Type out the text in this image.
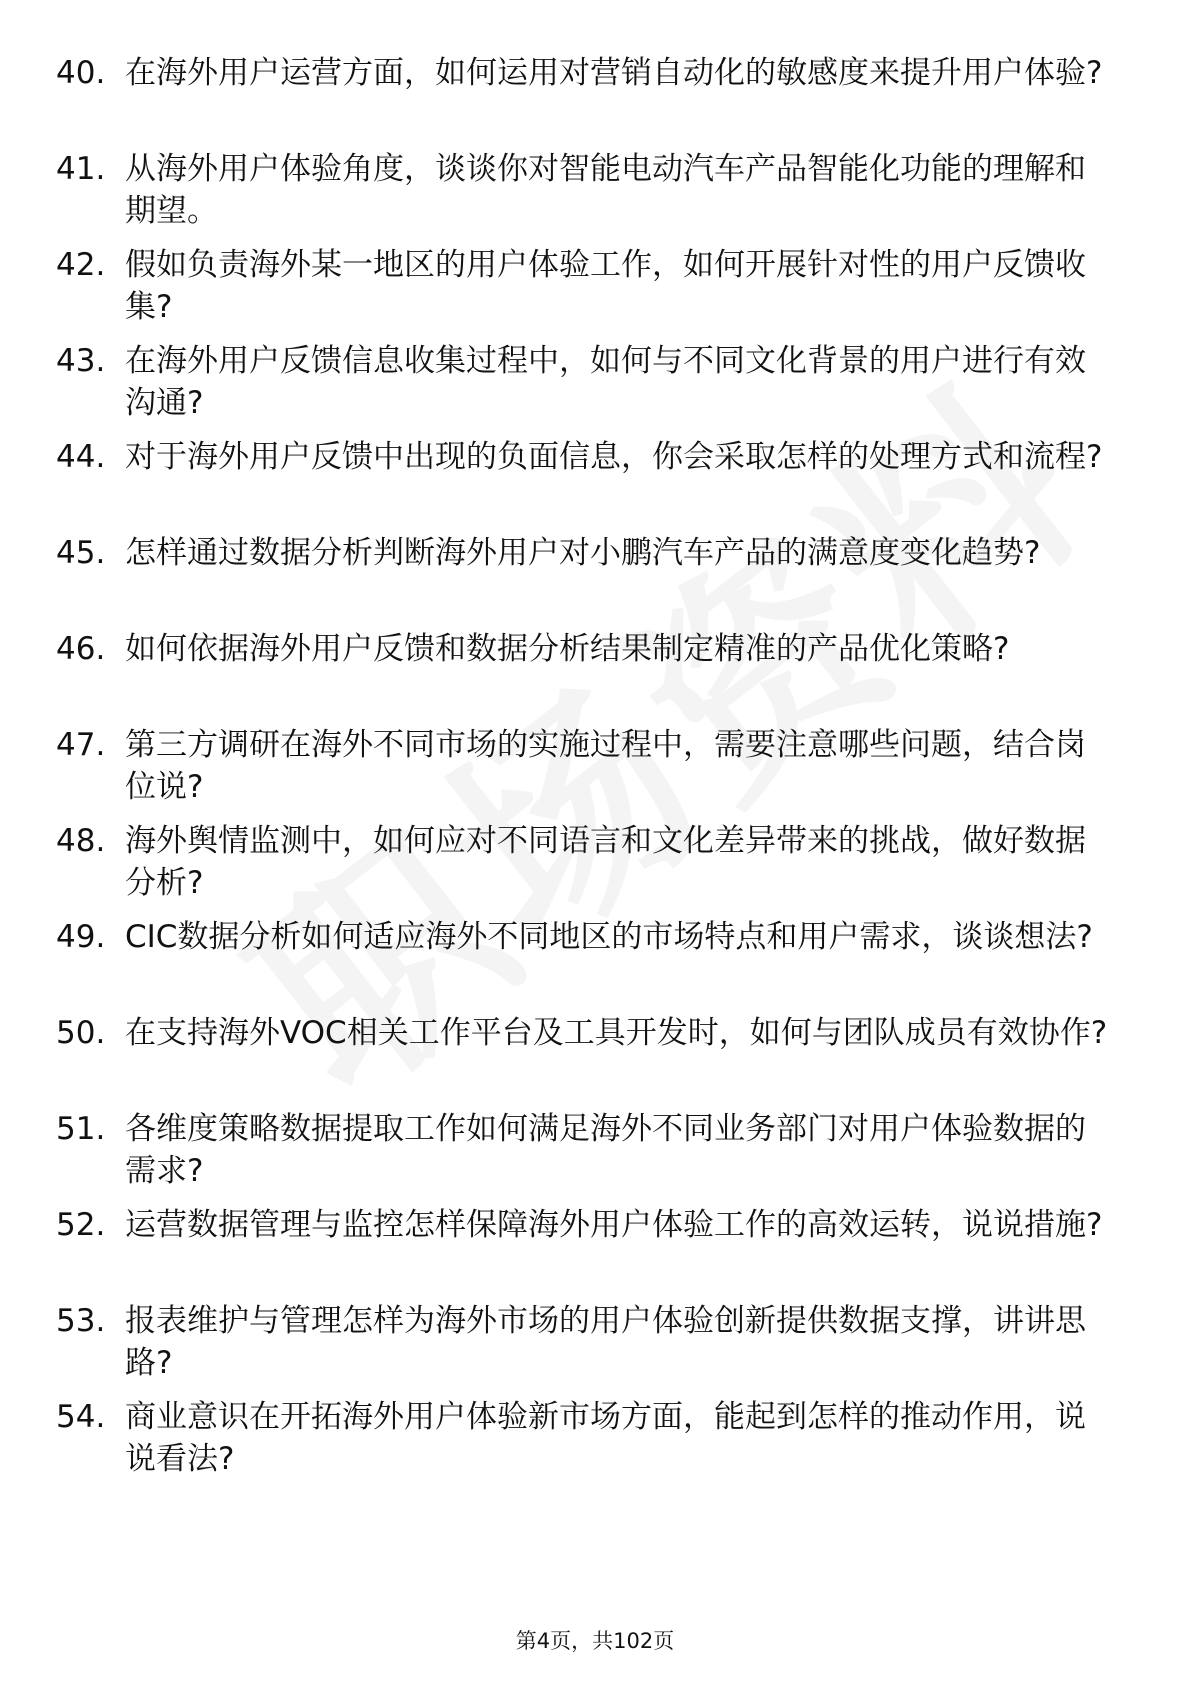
40. 在海外用户运营方面，如何运用对营销自动化的敏感度来提升用户体验?
41. 从海外用户体验角度，谈谈你对智能电动汽车产品智能化功能的理解和期望。
42. 假如负责海外某一地区的用户体验工作，如何开展针对性的用户反馈收集?
43. 在海外用户反馈信息收集过程中，如何与不同文化背景的用户进行有效沟通?
44. 对于海外用户反馈中出现的负面信息，你会采取怎样的处理方式和流程?
45. 怎样通过数据分析判断海外用户对小鹏汽车产品的满意度变化趋势?
46. 如何依据海外用户反馈和数据分析结果制定精准的产品优化策略?
47. 第三方调研在海外不同市场的实施过程中，需要注意哪些问题，结合岗位说?
48. 海外舆情监测中，如何应对不同语言和文化差异带来的挑战，做好数据分析?
49. CIC数据分析如何适应海外不同地区的市场特点和用户需求，谈谈想法?
50. 在支持海外VOC相关工作平台及工具开发时，如何与团队成员有效协作?
51. 各维度策略数据提取工作如何满足海外不同业务部门对用户体验数据的需求?
52. 运营数据管理与监控怎样保障海外用户体验工作的高效运转，说说措施?
53. 报表维护与管理怎样为海外市场的用户体验创新提供数据支撑，讲讲思路?
54. 商业意识在开拓海外用户体验新市场方面，能起到怎样的推动作用，说说看法?
第4页，共102页
